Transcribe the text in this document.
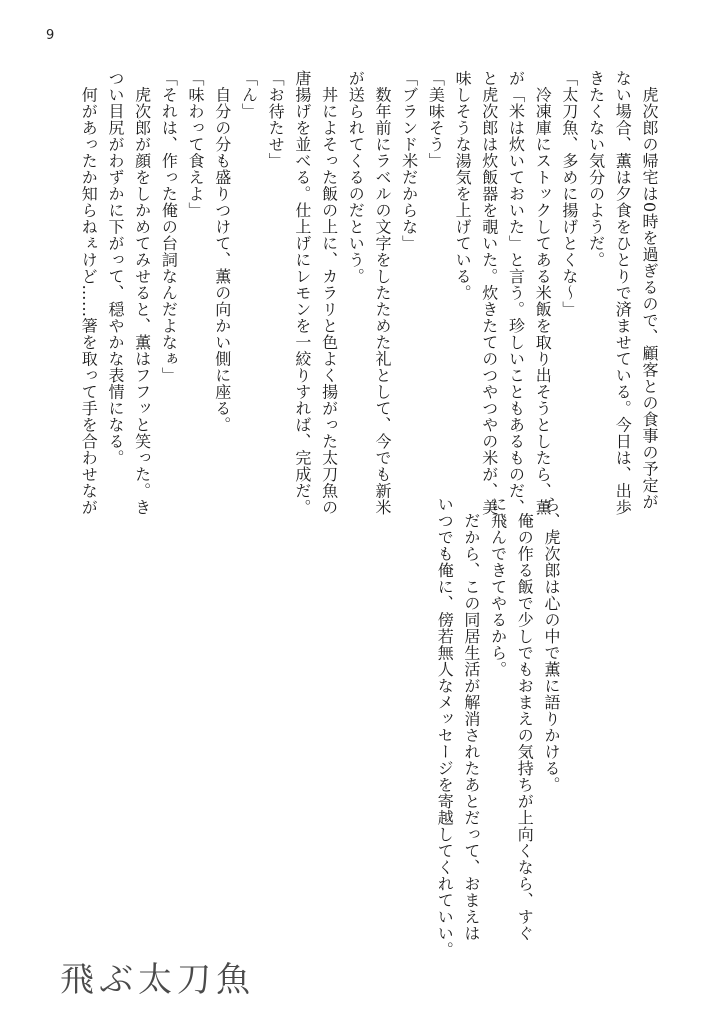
9

　虎次郎の帰宅は0時を過ぎるので、顧客との食事の予定が

ない場合、薫は夕食をひとりで済ませている。今日は、出歩

きたくない気分のようだ。

「太刀魚、多めに揚げとくな～」

　冷凍庫にストックしてある米飯を取り出そうとしたら、薫

が「米は炊いておいた」と言う。珍しいこともあるものだ、

と虎次郎は炊飯器を覗いた。炊きたてのつやつやの米が、美

味しそうな湯気を上げている。

「美味そう」

「ブランド米だからな」

　数年前にラベルの文字をしたためた礼として、今でも新米

が送られてくるのだという。

　丼によそった飯の上に、カラリと色よく揚がった太刀魚の

唐揚げを並べる。仕上げにレモンを一絞りすれば、完成だ。

「お待たせ」

「ん」

　自分の分も盛りつけて、薫の向かい側に座る。

「味わって食えよ」

「それは、作った俺の台詞なんだよなぁ」

　虎次郎が顔をしかめてみせると、薫はフフッと笑った。き

つい目尻がわずかに下がって、穏やかな表情になる。

　何があったか知らねぇけど……箸を取って手を合わせなが

ら、虎次郎は心の中で薫に語りかける。

　俺の作る飯で少しでもおまえの気持ちが上向くなら、すぐ

に飛んできてやるから。

　だから、この同居生活が解消されたあとだって、おまえは

いつでも俺に、傍若無人なメッセージを寄越してくれていい。

飛ぶ太刀魚
